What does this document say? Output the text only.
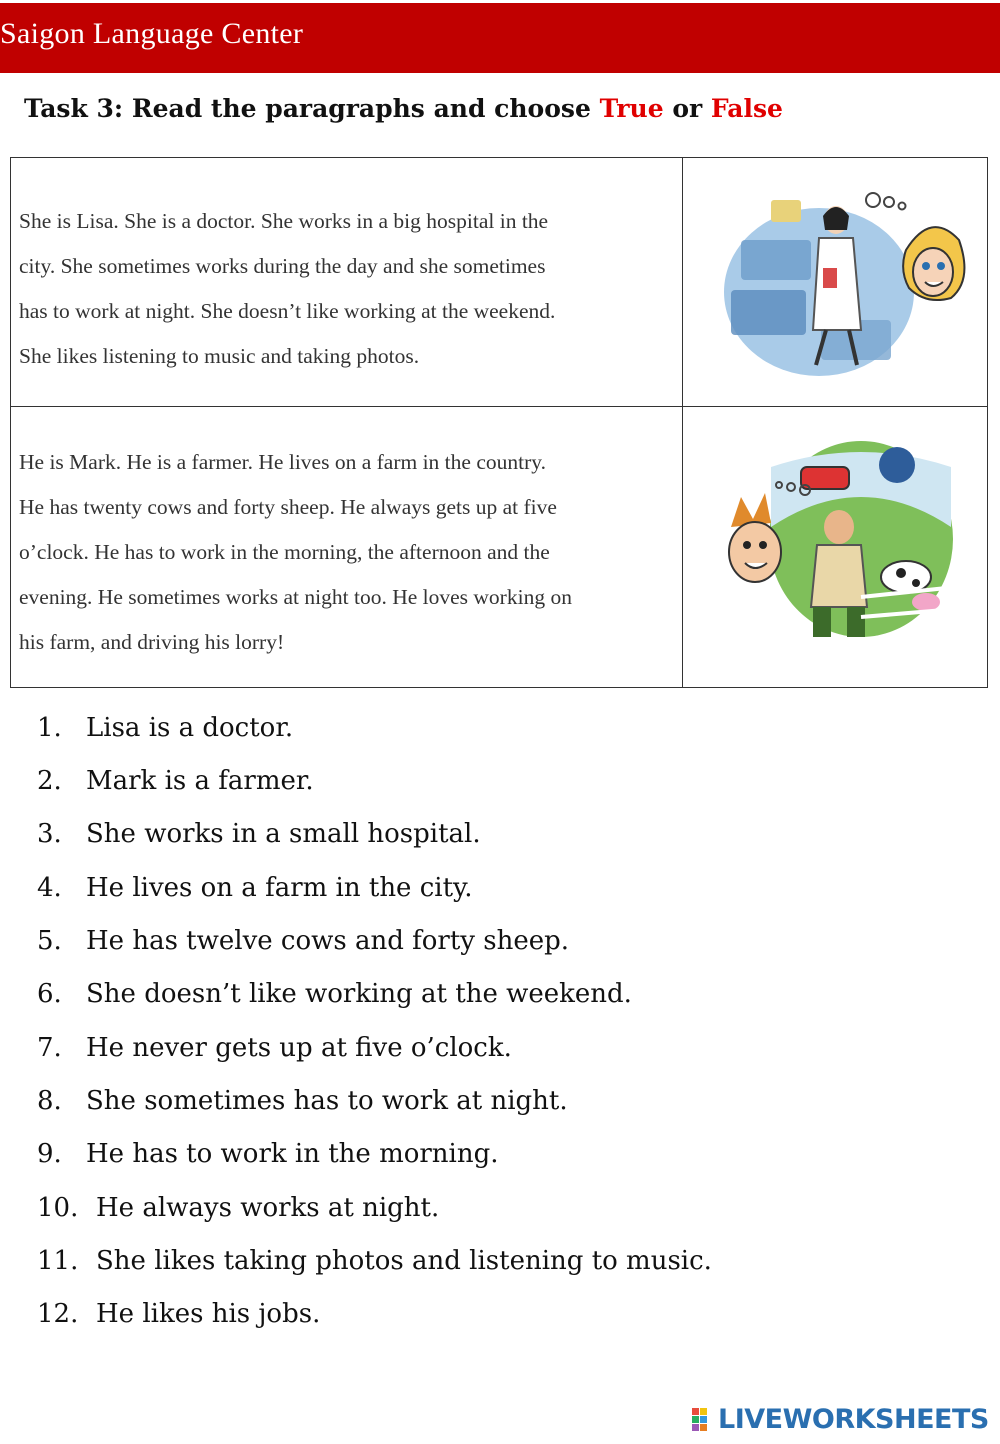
Saigon Language Center
Task 3: Read the paragraphs and choose True or False
She is Lisa. She is a doctor. She works in a big hospital in the
city. She sometimes works during the day and she sometimes
has to work at night. She doesn’t like working at the weekend.
She likes listening to music and taking photos.
He is Mark. He is a farmer. He lives on a farm in the country.
He has twenty cows and forty sheep. He always gets up at five
o’clock. He has to work in the morning, the afternoon and the
evening. He sometimes works at night too. He loves working on
his farm, and driving his lorry!
1. Lisa is a doctor.
2. Mark is a farmer.
3. She works in a small hospital.
4. He lives on a farm in the city.
5. He has twelve cows and forty sheep.
6. She doesn’t like working at the weekend.
7. He never gets up at five o’clock.
8. She sometimes has to work at night.
9. He has to work in the morning.
10. He always works at night.
11. She likes taking photos and listening to music.
12. He likes his jobs.
LIVEWORKSHEETS
